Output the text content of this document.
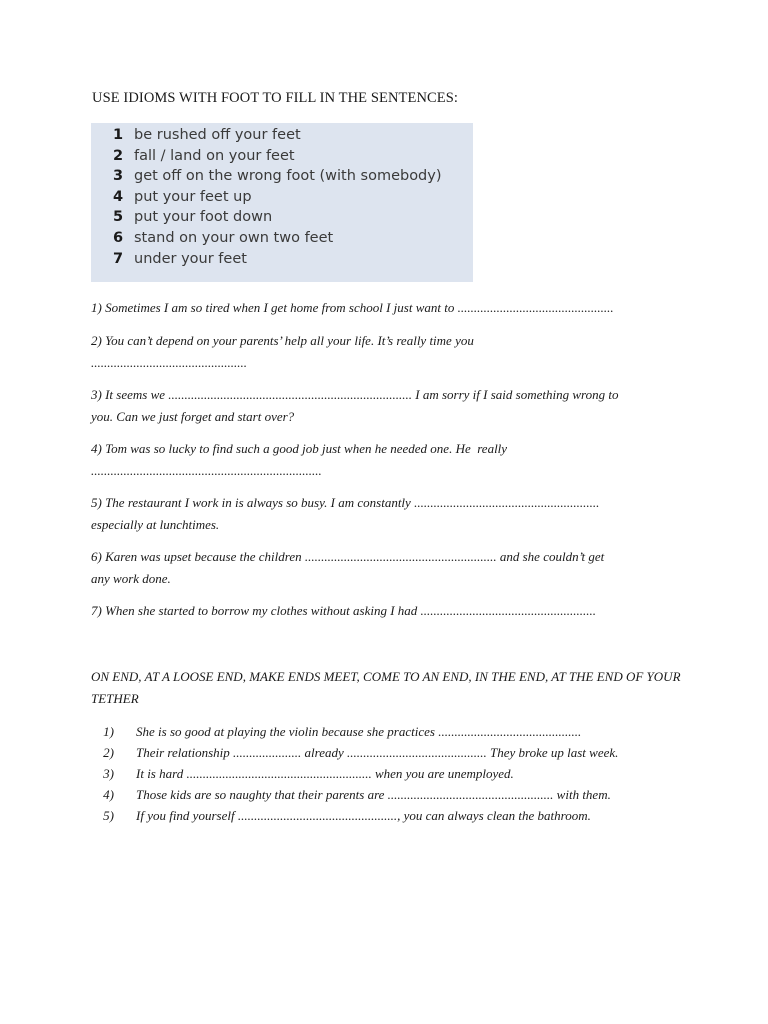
USE IDIOMS WITH FOOT TO FILL IN THE SENTENCES:
1 be rushed off your feet
2 fall / land on your feet
3 get off on the wrong foot (with somebody)
4 put your feet up
5 put your foot down
6 stand on your own two feet
7 under your feet
1) Sometimes I am so tired when I get home from school I just want to ................................................
2) You can’t depend on your parents’ help all your life. It’s really time you
................................................
3) It seems we ........................................................................... I am sorry if I said something wrong to
you. Can we just forget and start over?
4) Tom was so lucky to find such a good job just when he needed one. He  really
.......................................................................
5) The restaurant I work in is always so busy. I am constantly .........................................................
especially at lunchtimes.
6) Karen was upset because the children ........................................................... and she couldn’t get
any work done.
7) When she started to borrow my clothes without asking I had ......................................................
ON END, AT A LOOSE END, MAKE ENDS MEET, COME TO AN END, IN THE END, AT THE END OF YOUR TETHER
1) She is so good at playing the violin because she practices ............................................
2) Their relationship ..................... already ........................................... They broke up last week.
3) It is hard ......................................................... when you are unemployed.
4) Those kids are so naughty that their parents are ................................................... with them.
5) If you find yourself ................................................., you can always clean the bathroom.
